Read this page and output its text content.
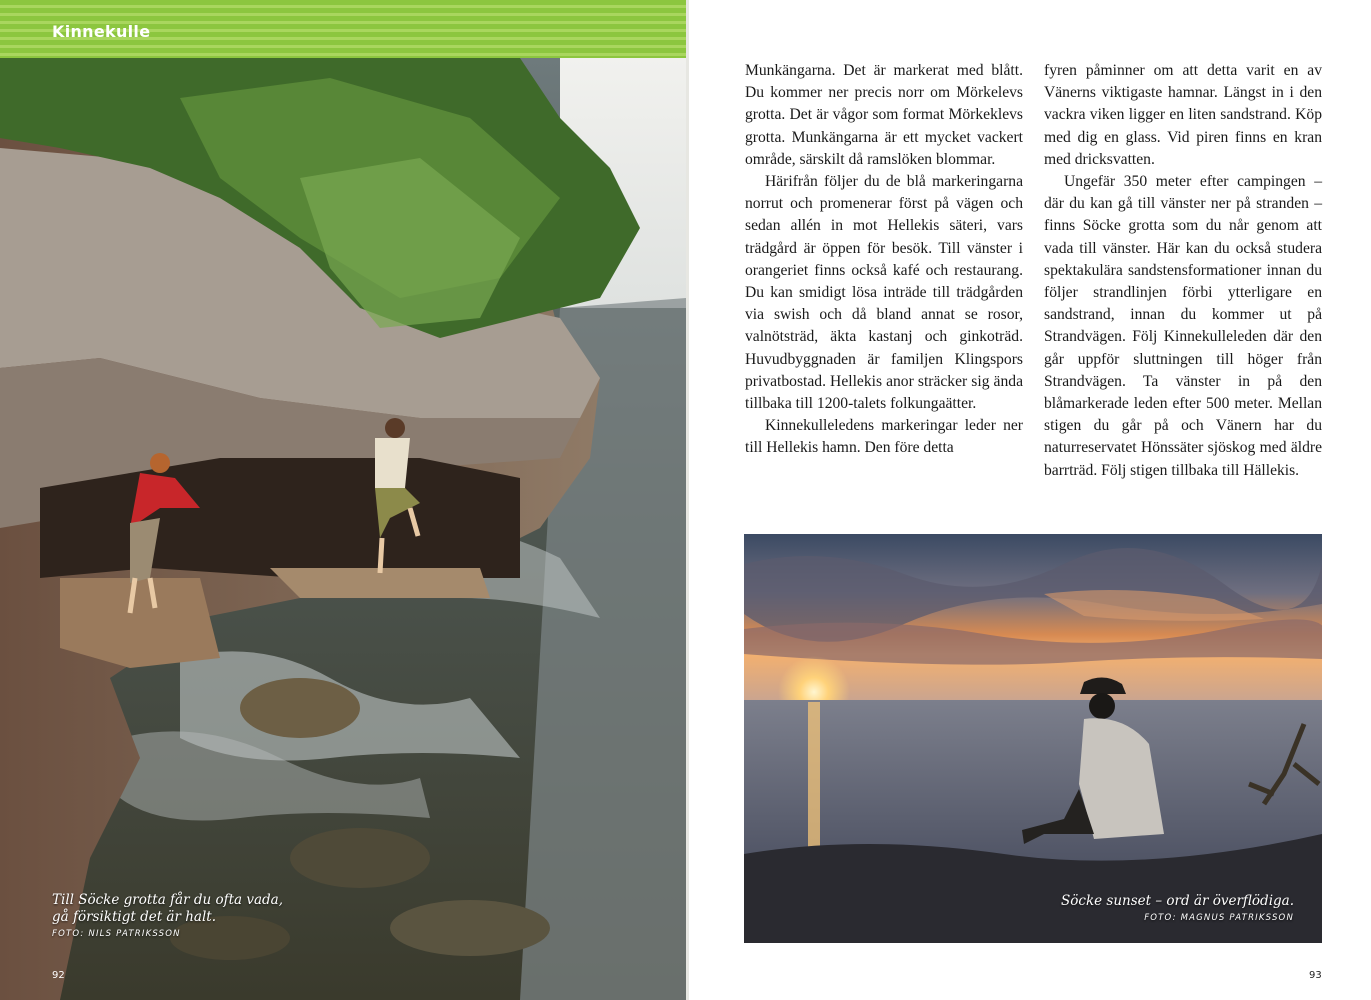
Kinnekulle
Till Söcke grotta får du ofta vada, gå försiktigt det är halt.
FOTO: NILS PATRIKSSON
92

Munkängarna. Det är markerat med blått. Du kommer ner precis norr om Mörkelevs grotta. Det är vågor som format Mörkeklevs grotta. Munkängarna är ett mycket vackert område, särskilt då ramslöken blommar.

Härifrån följer du de blå markeringarna norrut och promenerar först på vägen och sedan allén in mot Hellekis säteri, vars trädgård är öppen för besök. Till vänster i orangeriet finns också kafé och restaurang. Du kan smidigt lösa inträde till trädgården via swish och då bland annat se rosor, valnötsträd, äkta kastanj och ginkoträd. Huvudbyggnaden är familjen Klingspors privatbostad. Hellekis anor sträcker sig ända tillbaka till 1200-talets folkungaätter.

Kinnekulleledens markeringar leder ner till Hellekis hamn. Den före detta

fyren påminner om att detta varit en av Vänerns viktigaste hamnar. Längst in i den vackra viken ligger en liten sandstrand. Köp med dig en glass. Vid piren finns en kran med dricksvatten.

Ungefär 350 meter efter campingen – där du kan gå till vänster ner på stranden – finns Söcke grotta som du når genom att vada till vänster. Här kan du också studera spektakulära sandstensformationer innan du följer strandlinjen förbi ytterligare en sandstrand, innan du kommer ut på Strandvägen. Följ Kinnekulleleden där den går uppför sluttningen till höger från Strandvägen. Ta vänster in på den blåmarkerade leden efter 500 meter. Mellan stigen du går på och Vänern har du naturreservatet Hönssäter sjöskog med äldre barrträd. Följ stigen tillbaka till Hällekis.

Söcke sunset – ord är överflödiga.
FOTO: MAGNUS PATRIKSSON
93
